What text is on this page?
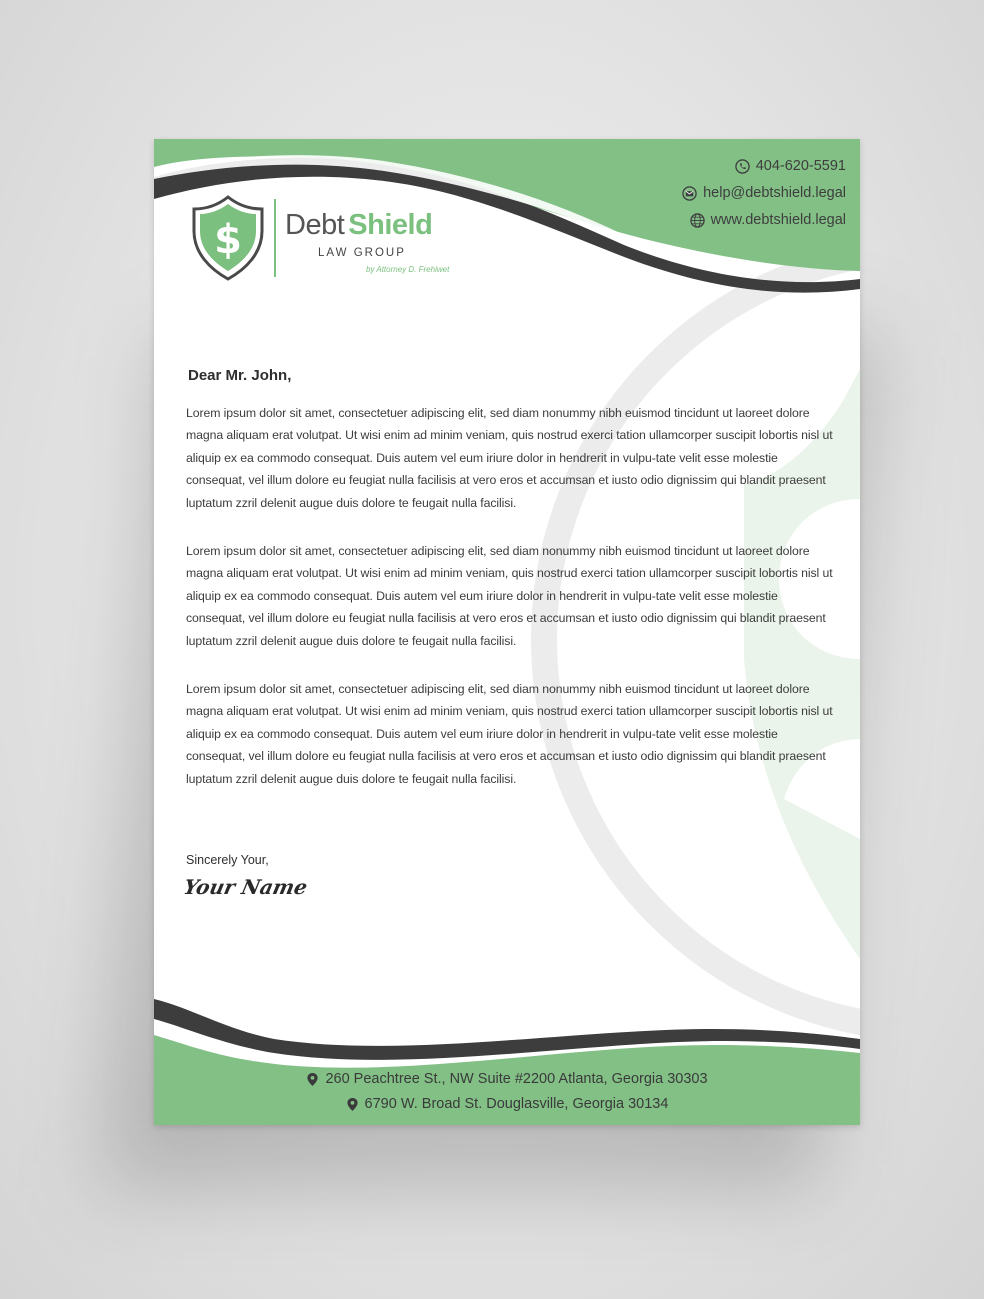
404-620-5591
help@debtshield.legal
www.debtshield.legal
$ Debt Shield
LAW GROUP
by Attorney D. Frehiwet
Dear Mr. John,
Lorem ipsum dolor sit amet, consectetuer adipiscing elit, sed diam nonummy nibh euismod tincidunt ut laoreet dolore magna aliquam erat volutpat. Ut wisi enim ad minim veniam, quis nostrud exerci tation ullamcorper suscipit lobortis nisl ut aliquip ex ea commodo consequat. Duis autem vel eum iriure dolor in hendrerit in vulpu-tate velit esse molestie consequat, vel illum dolore eu feugiat nulla facilisis at vero eros et accumsan et iusto odio dignissim qui blandit praesent luptatum zzril delenit augue duis dolore te feugait nulla facilisi.
Lorem ipsum dolor sit amet, consectetuer adipiscing elit, sed diam nonummy nibh euismod tincidunt ut laoreet dolore magna aliquam erat volutpat. Ut wisi enim ad minim veniam, quis nostrud exerci tation ullamcorper suscipit lobortis nisl ut aliquip ex ea commodo consequat. Duis autem vel eum iriure dolor in hendrerit in vulpu-tate velit esse molestie consequat, vel illum dolore eu feugiat nulla facilisis at vero eros et accumsan et iusto odio dignissim qui blandit praesent luptatum zzril delenit augue duis dolore te feugait nulla facilisi.
Lorem ipsum dolor sit amet, consectetuer adipiscing elit, sed diam nonummy nibh euismod tincidunt ut laoreet dolore magna aliquam erat volutpat. Ut wisi enim ad minim veniam, quis nostrud exerci tation ullamcorper suscipit lobortis nisl ut aliquip ex ea commodo consequat. Duis autem vel eum iriure dolor in hendrerit in vulpu-tate velit esse molestie consequat, vel illum dolore eu feugiat nulla facilisis at vero eros et accumsan et iusto odio dignissim qui blandit praesent luptatum zzril delenit augue duis dolore te feugait nulla facilisi.
Sincerely Your,
Your Name
260 Peachtree St., NW Suite #2200 Atlanta, Georgia 30303
6790 W. Broad St. Douglasville, Georgia 30134
